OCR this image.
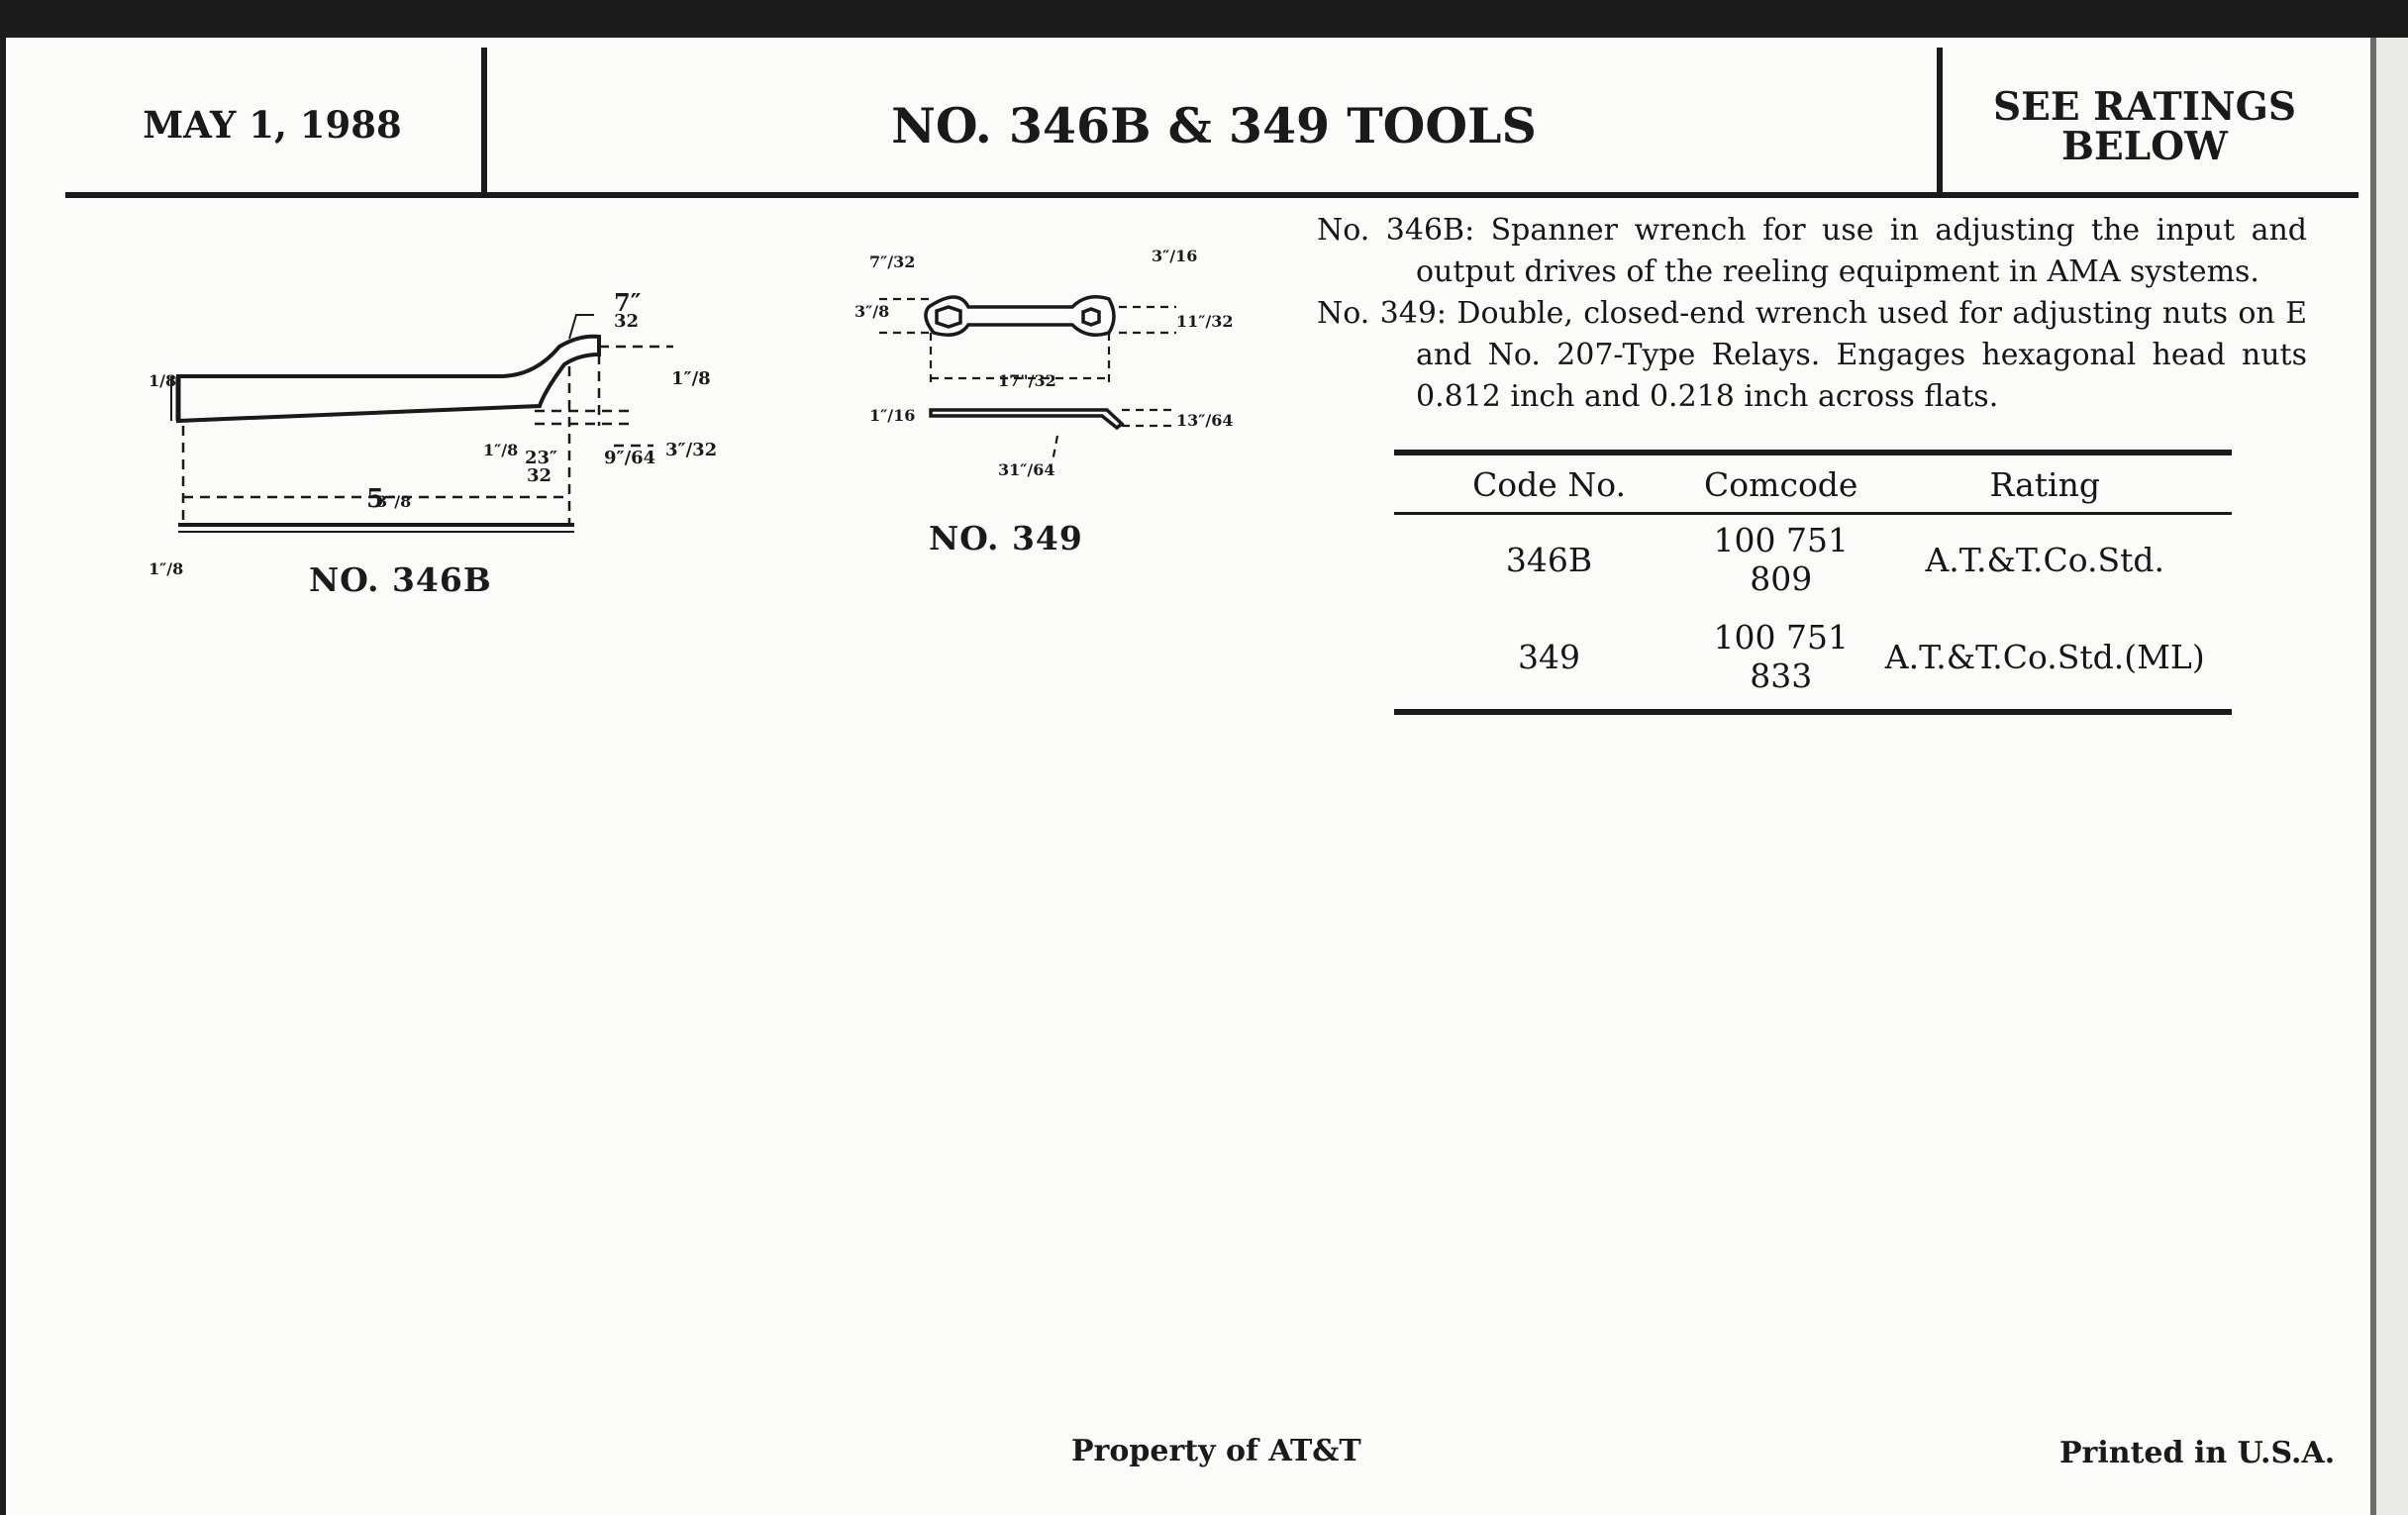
MAY 1, 1988	NO. 346B & 349 TOOLS	SEE RATINGS
BELOW
5
3″/8
7″
32
1″/8
23″
32
9″/64 3″/32
1″/8
1″/8
1/8
NO. 346B
17"/32
7″/32
3″/8
3″/16
11″/32
1″/16	13″/64
31″/64
NO. 349

No. 346B: Spanner wrench for use in adjusting the input and output drives of the reeling equipment in AMA systems.

No. 349: Double, closed-end wrench used for adjusting nuts on E and No. 207-Type Relays. Engages hexagonal head nuts 0.812 inch and 0.218 inch across flats.

Code No.	Comcode	Rating
346B	100 751 809	A.T.&T.Co.Std.
349	100 751 833	A.T.&T.Co.Std.(ML)
Property of AT&T	Printed in U.S.A.
